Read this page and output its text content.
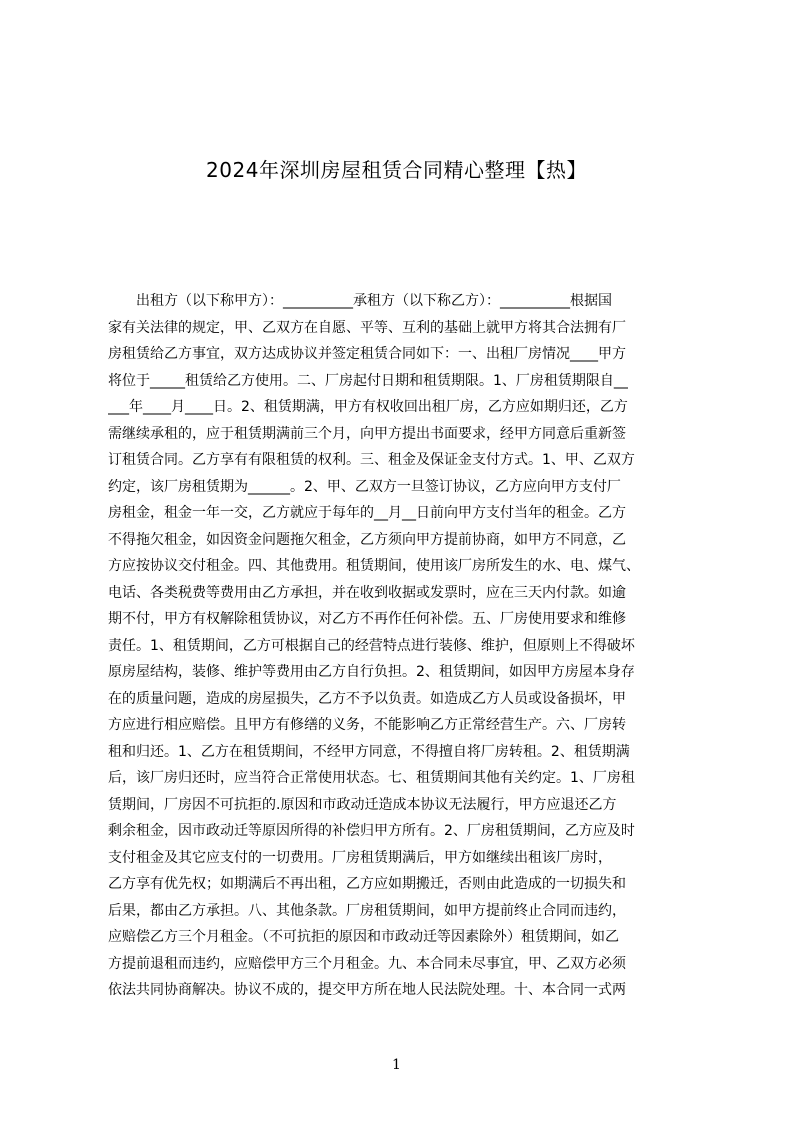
2024年深圳房屋租赁合同精心整理【热】
　　出租方（以下称甲方）：__________承租方（以下称乙方）：__________根据国
家有关法律的规定，甲、乙双方在自愿、平等、互利的基础上就甲方将其合法拥有厂
房租赁给乙方事宜，双方达成协议并签定租赁合同如下：一、出租厂房情况____甲方
将位于_____租赁给乙方使用。二、厂房起付日期和租赁期限。1、厂房租赁期限自__
___年____月____日。2、租赁期满，甲方有权收回出租厂房，乙方应如期归还，乙方
需继续承租的，应于租赁期满前三个月，向甲方提出书面要求，经甲方同意后重新签
订租赁合同。乙方享有有限租赁的权利。三、租金及保证金支付方式。1、甲、乙双方
约定，该厂房租赁期为______。2、甲、乙双方一旦签订协议，乙方应向甲方支付厂
房租金，租金一年一交，乙方就应于每年的__月__日前向甲方支付当年的租金。乙方
不得拖欠租金，如因资金问题拖欠租金，乙方须向甲方提前协商，如甲方不同意，乙
方应按协议交付租金。四、其他费用。租赁期间，使用该厂房所发生的水、电、煤气、
电话、各类税费等费用由乙方承担，并在收到收据或发票时，应在三天内付款。如逾
期不付，甲方有权解除租赁协议，对乙方不再作任何补偿。五、厂房使用要求和维修
责任。1、租赁期间，乙方可根据自己的经营特点进行装修、维护，但原则上不得破坏
原房屋结构，装修、维护等费用由乙方自行负担。2、租赁期间，如因甲方房屋本身存
在的质量问题，造成的房屋损失，乙方不予以负责。如造成乙方人员或设备损坏，甲
方应进行相应赔偿。且甲方有修缮的义务，不能影响乙方正常经营生产。六、厂房转
租和归还。1、乙方在租赁期间，不经甲方同意，不得擅自将厂房转租。2、租赁期满
后，该厂房归还时，应当符合正常使用状态。七、租赁期间其他有关约定。1、厂房租
赁期间，厂房因不可抗拒的.原因和市政动迁造成本协议无法履行，甲方应退还乙方
剩余租金，因市政动迁等原因所得的补偿归甲方所有。2、厂房租赁期间，乙方应及时
支付租金及其它应支付的一切费用。厂房租赁期满后，甲方如继续出租该厂房时，
乙方享有优先权；如期满后不再出租，乙方应如期搬迁，否则由此造成的一切损失和
后果，都由乙方承担。八、其他条款。厂房租赁期间，如甲方提前终止合同而违约，
应赔偿乙方三个月租金。（不可抗拒的原因和市政动迁等因素除外）租赁期间，如乙
方提前退租而违约，应赔偿甲方三个月租金。九、本合同未尽事宜，甲、乙双方必须
依法共同协商解决。协议不成的，提交甲方所在地人民法院处理。十、本合同一式两
1
